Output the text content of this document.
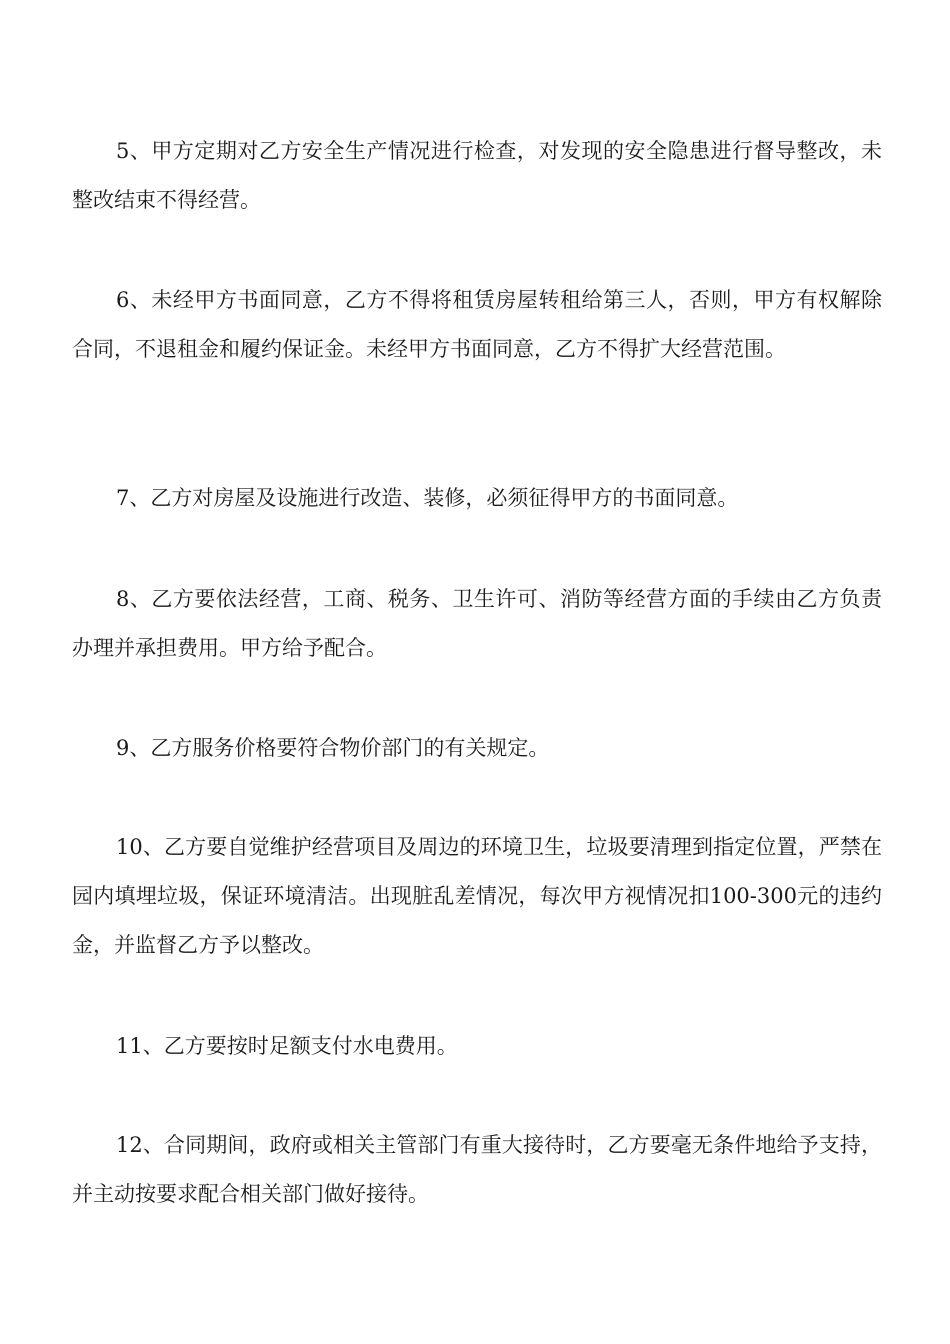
5、甲方定期对乙方安全生产情况进行检查，对发现的安全隐患进行督导整改，未整改结束不得经营。

6、未经甲方书面同意，乙方不得将租赁房屋转租给第三人，否则，甲方有权解除合同，不退租金和履约保证金。未经甲方书面同意，乙方不得扩大经营范围。

7、乙方对房屋及设施进行改造、装修，必须征得甲方的书面同意。

8、乙方要依法经营，工商、税务、卫生许可、消防等经营方面的手续由乙方负责办理并承担费用。甲方给予配合。

9、乙方服务价格要符合物价部门的有关规定。

10、乙方要自觉维护经营项目及周边的环境卫生，垃圾要清理到指定位置，严禁在园内填埋垃圾，保证环境清洁。出现脏乱差情况，每次甲方视情况扣100-300元的违约金，并监督乙方予以整改。

11、乙方要按时足额支付水电费用。

12、合同期间，政府或相关主管部门有重大接待时，乙方要毫无条件地给予支持，并主动按要求配合相关部门做好接待。
